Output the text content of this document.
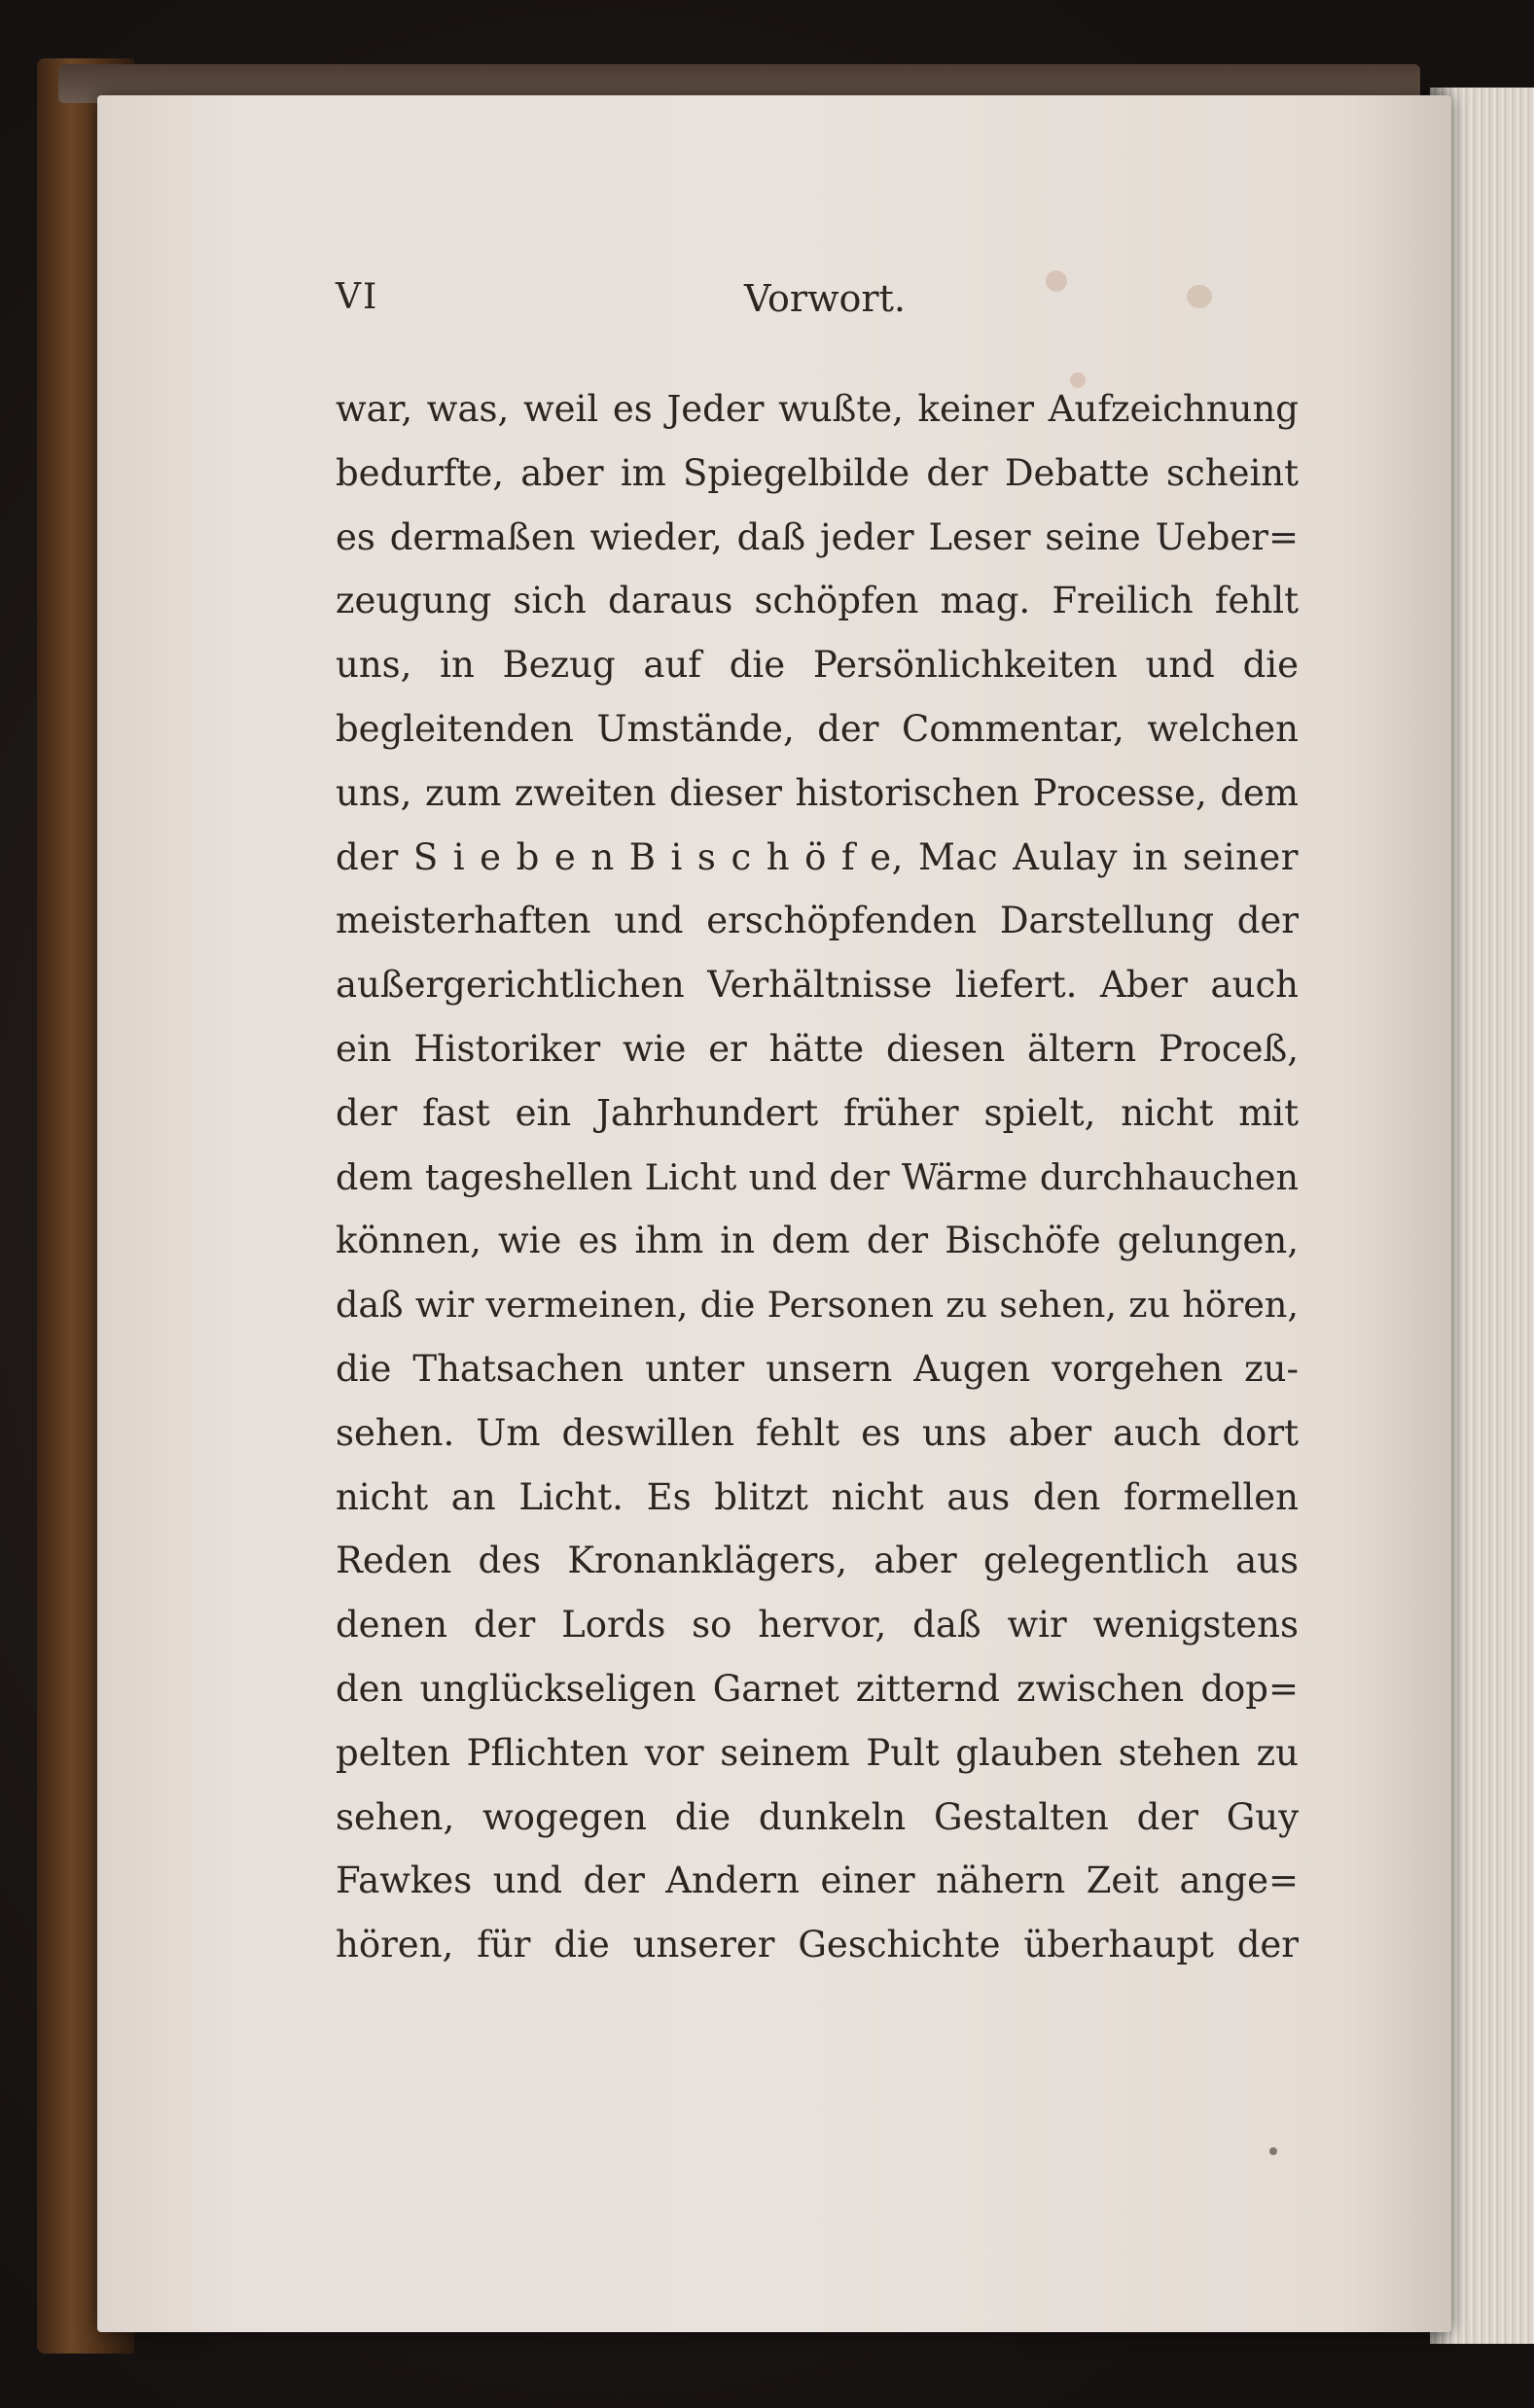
VI	Vorwort.
war, was, weil es Jeder wußte, keiner Aufzeichnung
bedurfte, aber im Spiegelbilde der Debatte scheint
es dermaßen wieder, daß jeder Leser seine Ueber=
zeugung sich daraus schöpfen mag. Freilich fehlt
uns, in Bezug auf die Persönlichkeiten und die
begleitenden Umstände, der Commentar, welchen
uns, zum zweiten dieser historischen Processe, dem
der S i e b e n B i s c h ö f e, Mac Aulay in seiner
meisterhaften und erschöpfenden Darstellung der
außergerichtlichen Verhältnisse liefert. Aber auch
ein Historiker wie er hätte diesen ältern Proceß,
der fast ein Jahrhundert früher spielt, nicht mit
dem tageshellen Licht und der Wärme durchhauchen
können, wie es ihm in dem der Bischöfe gelungen,
daß wir vermeinen, die Personen zu sehen, zu hören,
die Thatsachen unter unsern Augen vorgehen zu-
sehen. Um deswillen fehlt es uns aber auch dort
nicht an Licht. Es blitzt nicht aus den formellen
Reden des Kronanklägers, aber gelegentlich aus
denen der Lords so hervor, daß wir wenigstens
den unglückseligen Garnet zitternd zwischen dop=
pelten Pflichten vor seinem Pult glauben stehen zu
sehen, wogegen die dunkeln Gestalten der Guy
Fawkes und der Andern einer nähern Zeit ange=
hören, für die unserer Geschichte überhaupt der
